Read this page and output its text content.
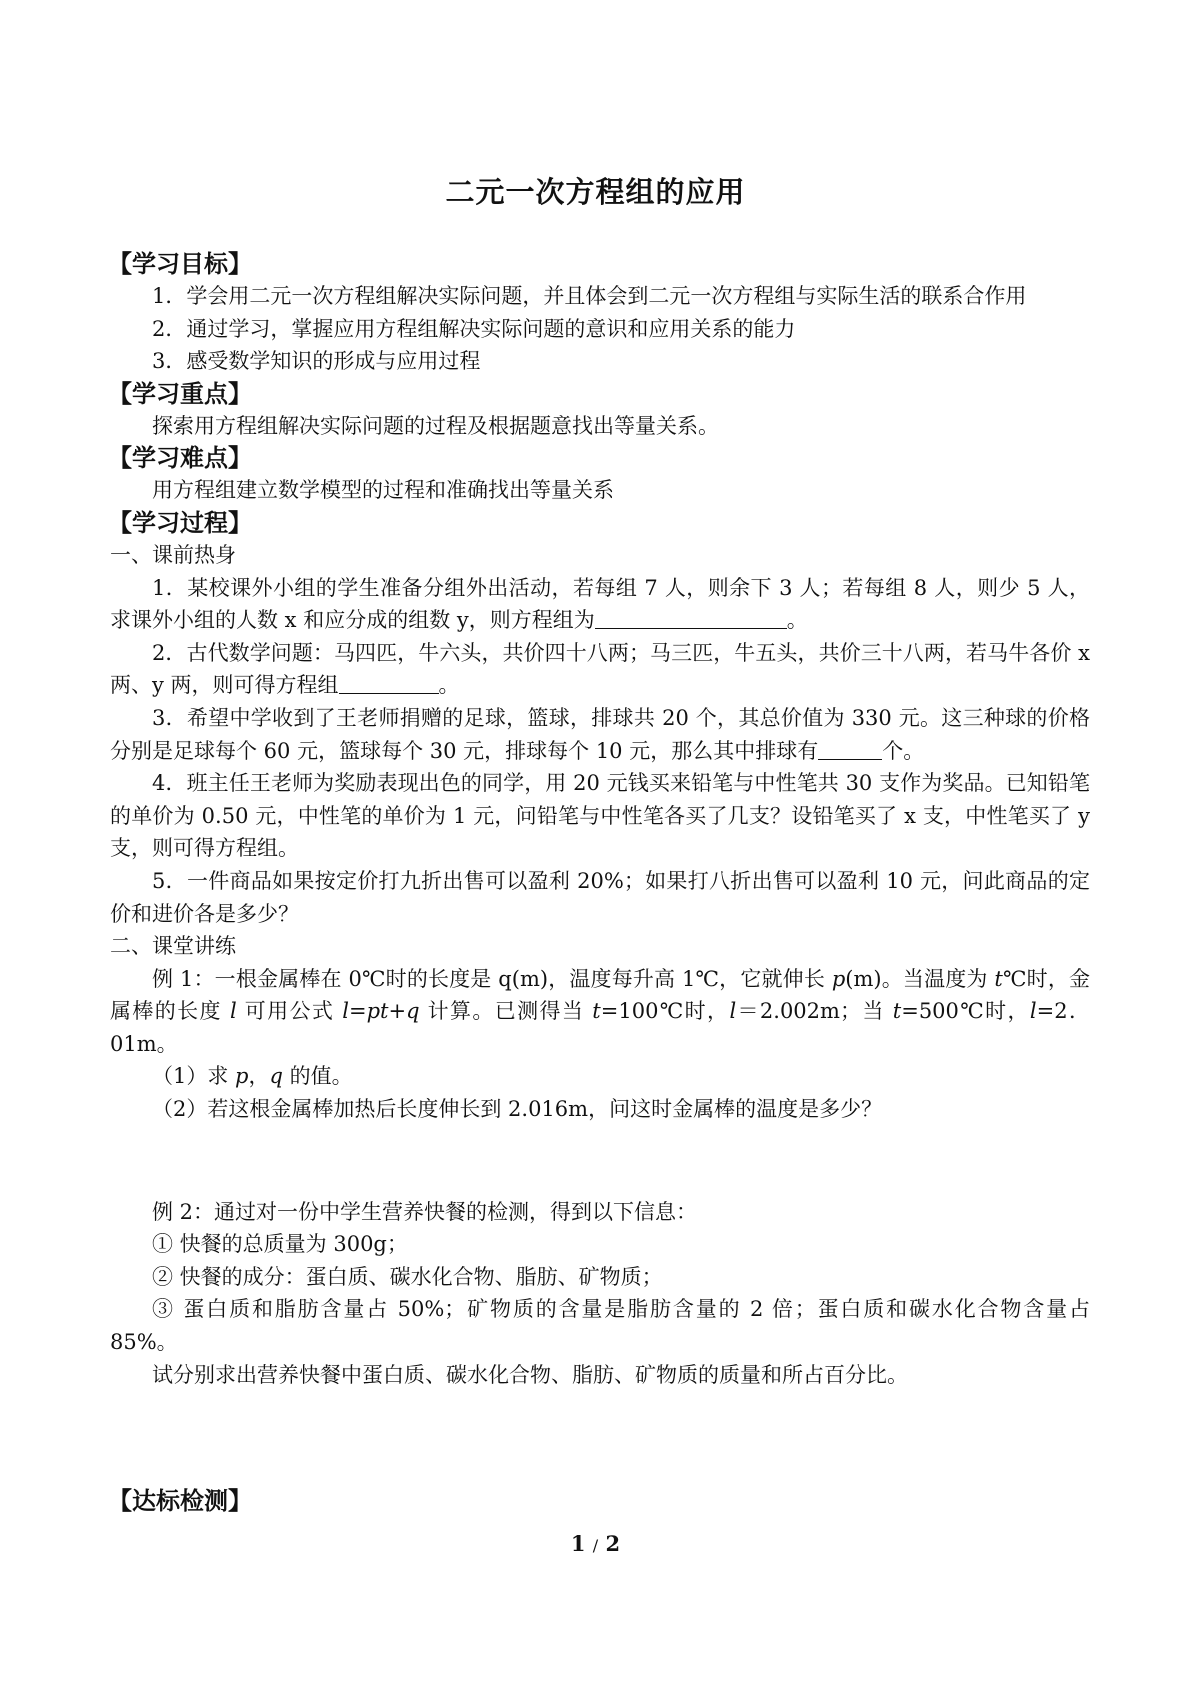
二元一次方程组的应用

【学习目标】

1．学会用二元一次方程组解决实际问题，并且体会到二元一次方程组与实际生活的联系合作用

2．通过学习，掌握应用方程组解决实际问题的意识和应用关系的能力

3．感受数学知识的形成与应用过程

【学习重点】

探索用方程组解决实际问题的过程及根据题意找出等量关系。

【学习难点】

用方程组建立数学模型的过程和准确找出等量关系

【学习过程】

一、课前热身

1．某校课外小组的学生准备分组外出活动，若每组 7 人，则余下 3 人；若每组 8 人，则少 5 人，求课外小组的人数 x 和应分成的组数 y，则方程组为	。

2．古代数学问题：马四匹，牛六头，共价四十八两；马三匹，牛五头，共价三十八两，若马牛各价 x 两、y 两，则可得方程组	。

3．希望中学收到了王老师捐赠的足球，篮球，排球共 20 个，其总价值为 330 元。这三种球的价格分别是足球每个 60 元，篮球每个 30 元，排球每个 10 元，那么其中排球有	个。

4．班主任王老师为奖励表现出色的同学，用 20 元钱买来铅笔与中性笔共 30 支作为奖品。已知铅笔的单价为 0.50 元，中性笔的单价为 1 元，问铅笔与中性笔各买了几支？设铅笔买了 x 支，中性笔买了 y 支，则可得方程组。

5．一件商品如果按定价打九折出售可以盈利 20%；如果打八折出售可以盈利 10 元，问此商品的定价和进价各是多少？

二、课堂讲练

例 1：一根金属棒在 0℃时的长度是 q(m)，温度每升高 1℃，它就伸长 p(m)。当温度为 t℃时，金属棒的长度 l 可用公式 l=pt+q 计算。已测得当 t=100℃时，l＝2.002m；当 t=500℃时，l=2．01m。

（1）求 p，q 的值。

（2）若这根金属棒加热后长度伸长到 2.016m，问这时金属棒的温度是多少？

例 2：通过对一份中学生营养快餐的检测，得到以下信息：

① 快餐的总质量为 300g；

② 快餐的成分：蛋白质、碳水化合物、脂肪、矿物质；

③ 蛋白质和脂肪含量占 50%；矿物质的含量是脂肪含量的 2 倍；蛋白质和碳水化合物含量占 85%。

试分别求出营养快餐中蛋白质、碳水化合物、脂肪、矿物质的质量和所占百分比。

【达标检测】

1 / 2
